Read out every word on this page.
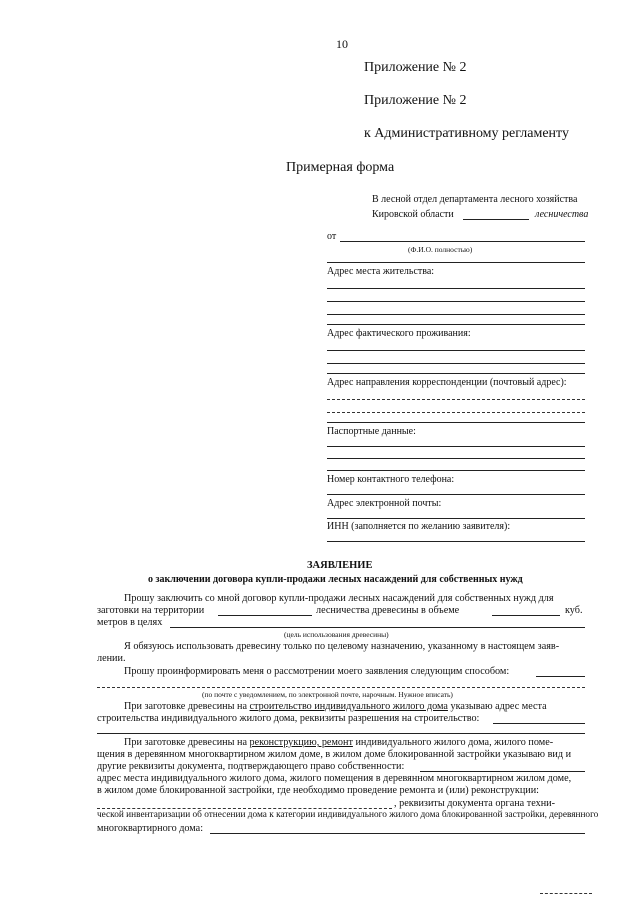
10
Приложение № 2
Приложение № 2
к Административному регламенту
Примерная форма
В лесной отдел департамента лесного хозяйства
Кировской области	лесничества
от
(Ф.И.О. полностью)
Адрес места жительства:
Адрес фактического проживания:
Адрес направления корреспонденции (почтовый адрес):
Паспортные данные:
Номер контактного телефона:
Адрес электронной почты:
ИНН (заполняется по желанию заявителя):
ЗАЯВЛЕНИЕ
о заключении договора купли-продажи лесных насаждений для собственных нужд
Прошу заключить со мной договор купли-продажи лесных насаждений для собственных нужд для
заготовки на территории	лесничества древесины в объеме	куб.
метров в целях
(цель использования древесины)
Я обязуюсь использовать древесину только по целевому назначению, указанному в настоящем заяв-
лении.
Прошу проинформировать меня о рассмотрении моего заявления следующим способом:
(по почте с уведомлением, по электронной почте, нарочным. Нужное вписать)
При заготовке древесины на строительство индивидуального жилого дома указываю адрес места
строительства индивидуального жилого дома, реквизиты разрешения на строительство:
При заготовке древесины на реконструкцию, ремонт индивидуального жилого дома, жилого поме-
щения в деревянном многоквартирном жилом доме, в жилом доме блокированной застройки указываю вид и
другие реквизиты документа, подтверждающего право собственности:
адрес места индивидуального жилого дома, жилого помещения в деревянном многоквартирном жилом доме,
в жилом доме блокированной застройки, где необходимо проведение ремонта и (или) реконструкции:
, реквизиты документа органа техни-
ческой инвентаризации об отнесении дома к категории индивидуального жилого дома блокированной застройки, деревянного
многоквартирного дома:
